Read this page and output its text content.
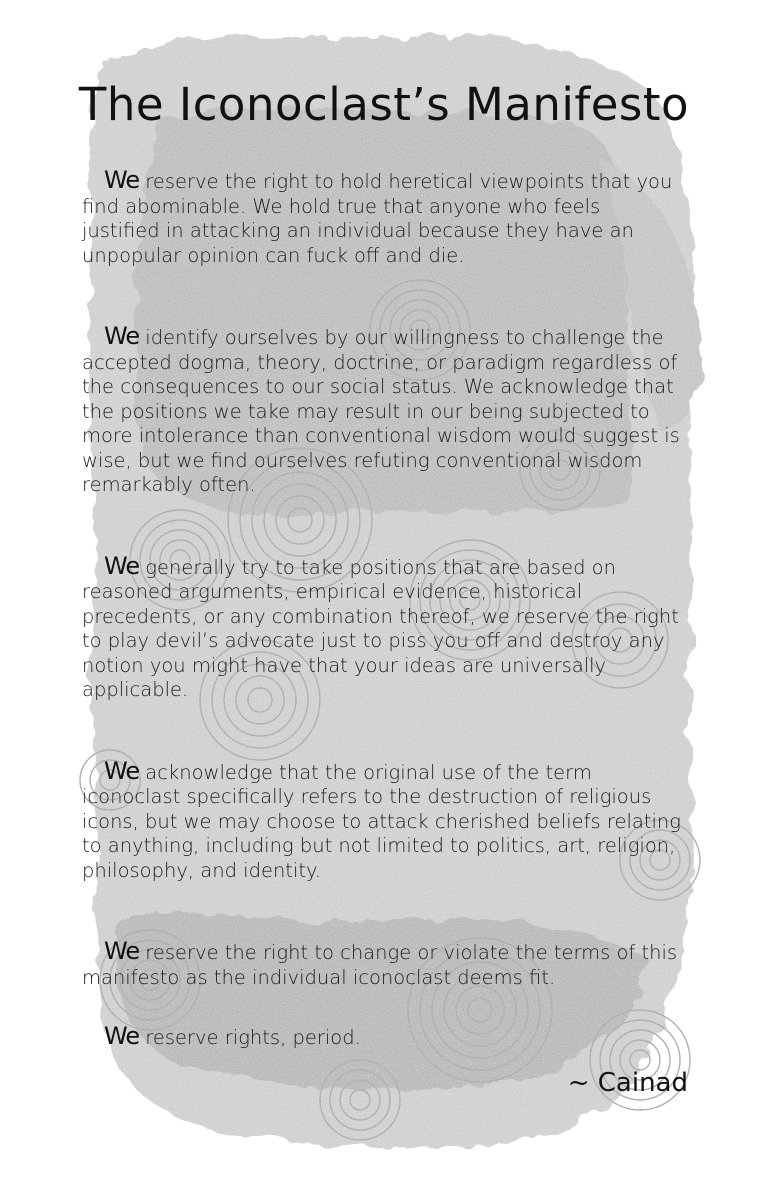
The Iconoclast’s Manifesto

We reserve the right to hold heretical viewpoints that you find abominable. We hold true that anyone who feels justified in attacking an individual because they have an unpopular opinion can fuck off and die.

We identify ourselves by our willingness to challenge the accepted dogma, theory, doctrine, or paradigm regardless of the consequences to our social status. We acknowledge that the positions we take may result in our being subjected to more intolerance than conventional wisdom would suggest is wise, but we find ourselves refuting conventional wisdom remarkably often.

We generally try to take positions that are based on reasoned arguments, empirical evidence, historical precedents, or any combination thereof, we reserve the right to play devil’s advocate just to piss you off and destroy any notion you might have that your ideas are universally applicable.

We acknowledge that the original use of the term iconoclast specifically refers to the destruction of religious icons, but we may choose to attack cherished beliefs relating to anything, including but not limited to politics, art, religion, philosophy, and identity.

We reserve the right to change or violate the terms of this manifesto as the individual iconoclast deems fit.

We reserve rights, period.

~ Cainad
